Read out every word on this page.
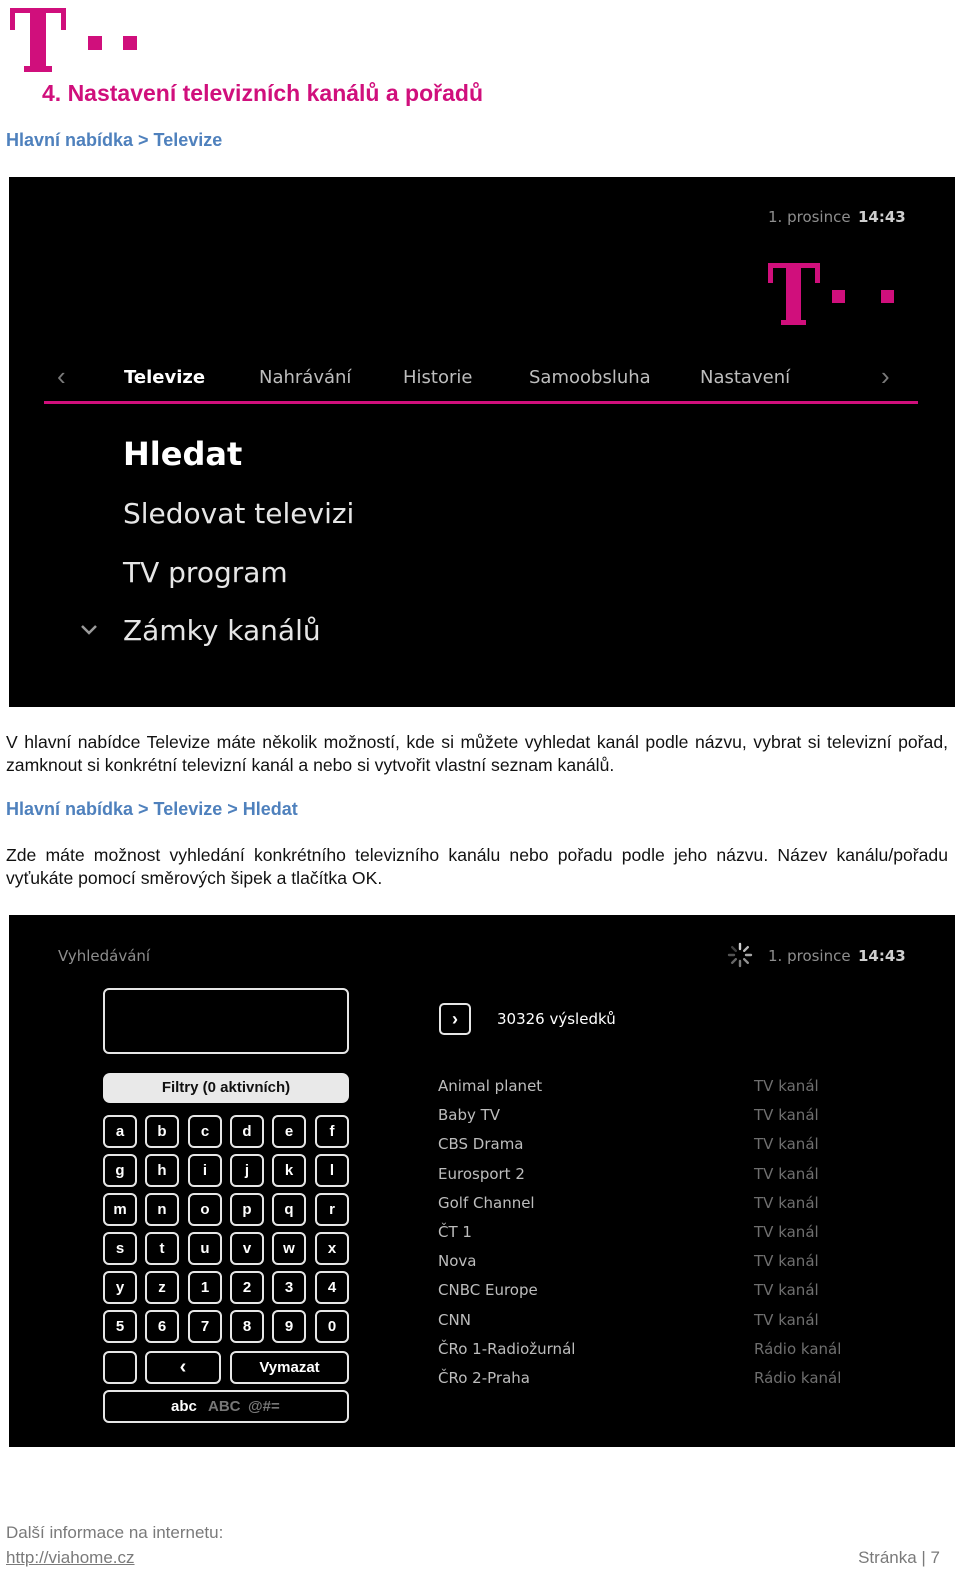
4. Nastavení televizních kanálů a pořadů
Hlavní nabídka > Televize
1. prosince 14:43
‹	Televize	Nahrávání	Historie	Samoobsluha	Nastavení	›
Hledat
Sledovat televizi
TV program
Zámky kanálů
V hlavní nabídce Televize máte několik možností, kde si můžete vyhledat kanál podle názvu, vybrat si televizní pořad, zamknout si konkrétní televizní kanál a nebo si vytvořit vlastní seznam kanálů.
Hlavní nabídka > Televize > Hledat
Zde máte možnost vyhledání konkrétního televizního kanálu nebo pořadu podle jeho názvu. Název kanálu/pořadu vyťukáte pomocí směrových šipek a tlačítka OK.
Vyhledávání	1. prosince 14:43
›	30326 výsledků
Filtry (0 aktivních)
a	b	c	d	e	f
g	h	i	j	k	l
m	n	o	p	q	r
s	t	u	v	w	x
y	z	1	2	3	4
5	6	7	8	9	0
‹	Vymazat
abc ABC @#=
Animal planet	TV kanál
Baby TV	TV kanál
CBS Drama	TV kanál
Eurosport 2	TV kanál
Golf Channel	TV kanál
ČT 1	TV kanál
Nova	TV kanál
CNBC Europe	TV kanál
CNN	TV kanál
ČRo 1-Radiožurnál	Rádio kanál
ČRo 2-Praha	Rádio kanál
Další informace na internetu:
http://viahome.cz	Stránka | 7
